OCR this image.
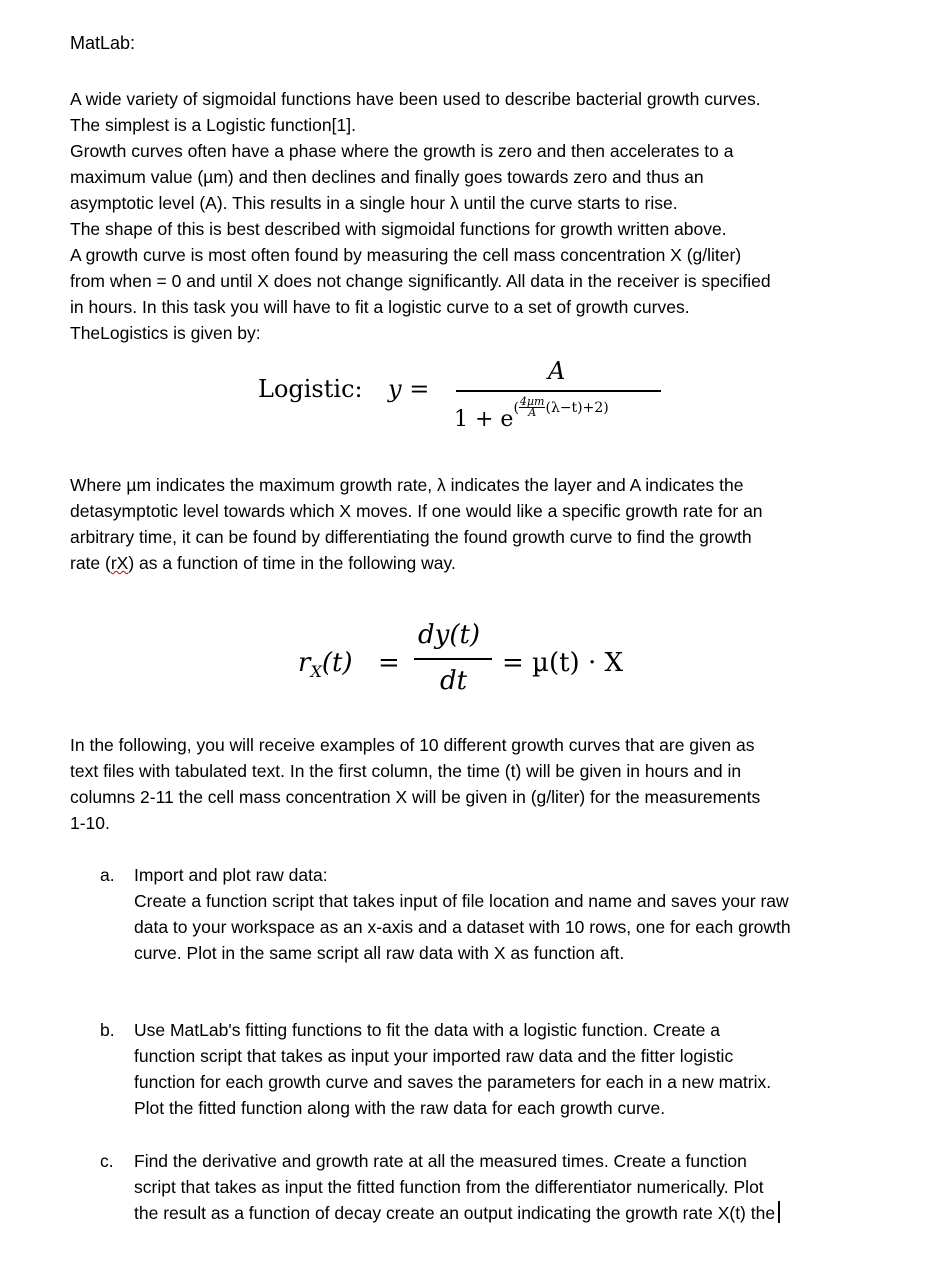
MatLab:

A wide variety of sigmoidal functions have been used to describe bacterial growth curves.
The simplest is a Logistic function[1].
Growth curves often have a phase where the growth is zero and then accelerates to a
maximum value (µm) and then declines and finally goes towards zero and thus an
asymptotic level (A). This results in a single hour λ until the curve starts to rise.
The shape of this is best described with sigmoidal functions for growth written above.
A growth curve is most often found by measuring the cell mass concentration X (g/liter)
from when = 0 and until X does not change significantly. All data in the receiver is specified
in hours. In this task you will have to fit a logistic curve to a set of growth curves.
TheLogistics is given by:
Logistic: y =
A
$1 + e^{( \frac{\text{4µm}}{A} (\lambda-t)+2)}$
Where µm indicates the maximum growth rate, λ indicates the layer and A indicates the
detasymptotic level towards which X moves. If one would like a specific growth rate for an
arbitrary time, it can be found by differentiating the found growth curve to find the growth
rate (rX) as a function of time in the following way.
$r_X(t)$ =
dy(t)
dt
= µ(t) · X
In the following, you will receive examples of 10 different growth curves that are given as
text files with tabulated text. In the first column, the time (t) will be given in hours and in
columns 2-11 the cell mass concentration X will be given in (g/liter) for the measurements
1-10.
a. Import and plot raw data:
Create a function script that takes input of file location and name and saves your raw
data to your workspace as an x-axis and a dataset with 10 rows, one for each growth
curve. Plot in the same script all raw data with X as function aft.
b. Use MatLab's fitting functions to fit the data with a logistic function. Create a
function script that takes as input your imported raw data and the fitter logistic
function for each growth curve and saves the parameters for each in a new matrix.
Plot the fitted function along with the raw data for each growth curve.
c. Find the derivative and growth rate at all the measured times. Create a function
script that takes as input the fitted function from the differentiator numerically. Plot
the result as a function of decay create an output indicating the growth rate X(t) the
